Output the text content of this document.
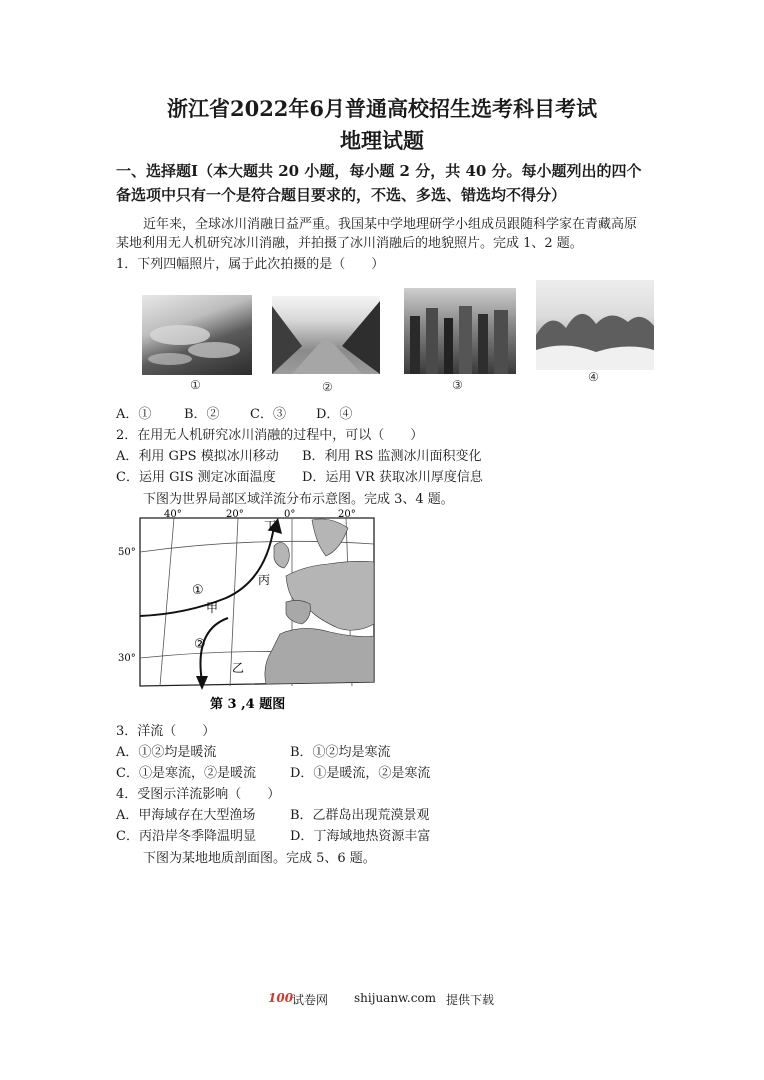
浙江省2022年6月普通高校招生选考科目考试
地理试题
一、选择题Ⅰ（本大题共 20 小题，每小题 2 分，共 40 分。每小题列出的四个
备选项中只有一个是符合题目要求的，不选、多选、错选均不得分）
近年来，全球冰川消融日益严重。我国某中学地理研学小组成员跟随科学家在青藏高原
某地利用无人机研究冰川消融，并拍摄了冰川消融后的地貌照片。完成 1、2 题。
1．下列四幅照片，属于此次拍摄的是（　　）
①	②	③
④
A．①	B．② C．③ D．④
2．在用无人机研究冰川消融的过程中，可以（　　）
A．利用 GPS 模拟冰川移动 B．利用 RS 监测冰川面积变化
C．运用 GIS 测定冰面温度 D．运用 VR 获取冰川厚度信息
下图为世界局部区域洋流分布示意图。完成 3、4 题。
40°	20°	0°	20°
50°
30°
丁
丙
①
甲
②
乙
第 3 ,4 题图
3．洋流（　　）
A．①②均是暖流	B．①②均是寒流
C．①是寒流，②是暖流	D．①是暖流，②是寒流
4．受图示洋流影响（　　）
A．甲海域存在大型渔场	B．乙群岛出现荒漠景观
C．丙沿岸冬季降温明显	D．丁海域地热资源丰富
下图为某地地质剖面图。完成 5、6 题。
100
试卷网 shijuanw.com 提供下载
